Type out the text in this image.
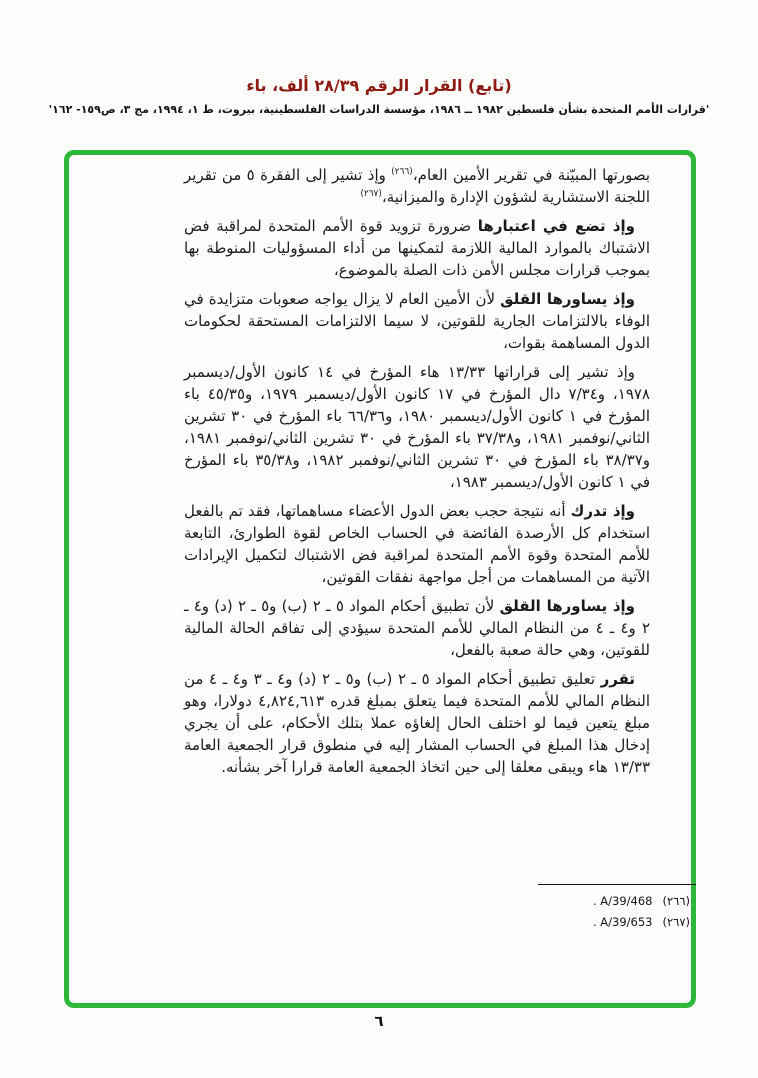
(تابع) القرار الرقم ٢٨/٣٩ ألف، باء
'قرارات الأمم المتحدة بشأن فلسطين ١٩٨٢ ــ ١٩٨٦، مؤسسة الدراسات الفلسطينية، بيروت، ط ١، ١٩٩٤، مج ٣، ص١٥٩- ١٦٢'

بصورتها المبيّنة في تقرير الأمين العام،$^{(٢٦٦)}$ وإذ تشير إلى الفقرة ٥ من تقرير اللجنة الاستشارية لشؤون الإدارة والميزانية،$^{(٢٦٧)}$

وإذ تضع في اعتبارها ضرورة تزويد قوة الأمم المتحدة لمراقبة فض الاشتباك بالموارد المالية اللازمة لتمكينها من أداء المسؤوليات المنوطة بها بموجب قرارات مجلس الأمن ذات الصلة بالموضوع،

وإذ يساورها القلق لأن الأمين العام لا يزال يواجه صعوبات متزايدة في الوفاء بالالتزامات الجارية للقوتين، لا سيما الالتزامات المستحقة لحكومات الدول المساهمة بقوات،

وإذ تشير إلى قراراتها ١٣/٣٣ هاء المؤرخ في ١٤ كانون الأول/ديسمبر ١٩٧٨، و٧/٣٤ دال المؤرخ في ١٧ كانون الأول/ديسمبر ١٩٧٩، و٤٥/٣٥ باء المؤرخ في ١ كانون الأول/ديسمبر ١٩٨٠، و٦٦/٣٦ باء المؤرخ في ٣٠ تشرين الثاني/نوفمبر ١٩٨١، و٣٧/٣٨ باء المؤرخ في ٣٠ تشرين الثاني/نوفمبر ١٩٨١، و٣٨/٣٧ باء المؤرخ في ٣٠ تشرين الثاني/نوفمبر ١٩٨٢، و٣٥/٣٨ باء المؤرخ في ١ كانون الأول/ديسمبر ١٩٨٣،

وإذ تدرك أنه نتيجة حجب بعض الدول الأعضاء مساهماتها، فقد تم بالفعل استخدام كل الأرصدة الفائضة في الحساب الخاص لقوة الطوارئ، التابعة للأمم المتحدة وقوة الأمم المتحدة لمراقبة فض الاشتباك لتكميل الإيرادات الآتية من المساهمات من أجل مواجهة نفقات القوتين،

وإذ يساورها القلق لأن تطبيق أحكام المواد ٥ ـ ٢ (ب) و٥ ـ ٢ (د) و٤ ـ ٢ و٤ ـ ٤ من النظام المالي للأمم المتحدة سيؤدي إلى تفاقم الحالة المالية للقوتين، وهي حالة صعبة بالفعل،

تقرر تعليق تطبيق أحكام المواد ٥ ـ ٢ (ب) و٥ ـ ٢ (د) و٤ ـ ٣ و٤ ـ ٤ من النظام المالي للأمم المتحدة فيما يتعلق بمبلغ قدره ٤,٨٢٤,٦١٣ دولارا، وهو مبلغ يتعين فيما لو اختلف الحال إلغاؤه عملا بتلك الأحكام، على أن يجري إدخال هذا المبلغ في الحساب المشار إليه في منطوق قرار الجمعية العامة ١٣/٣٣ هاء ويبقى معلقا إلى حين اتخاذ الجمعية العامة قرارا آخر بشأنه.

(٢٦٦)A/39/468 .
(٢٦٧)A/39/653 .
٦
